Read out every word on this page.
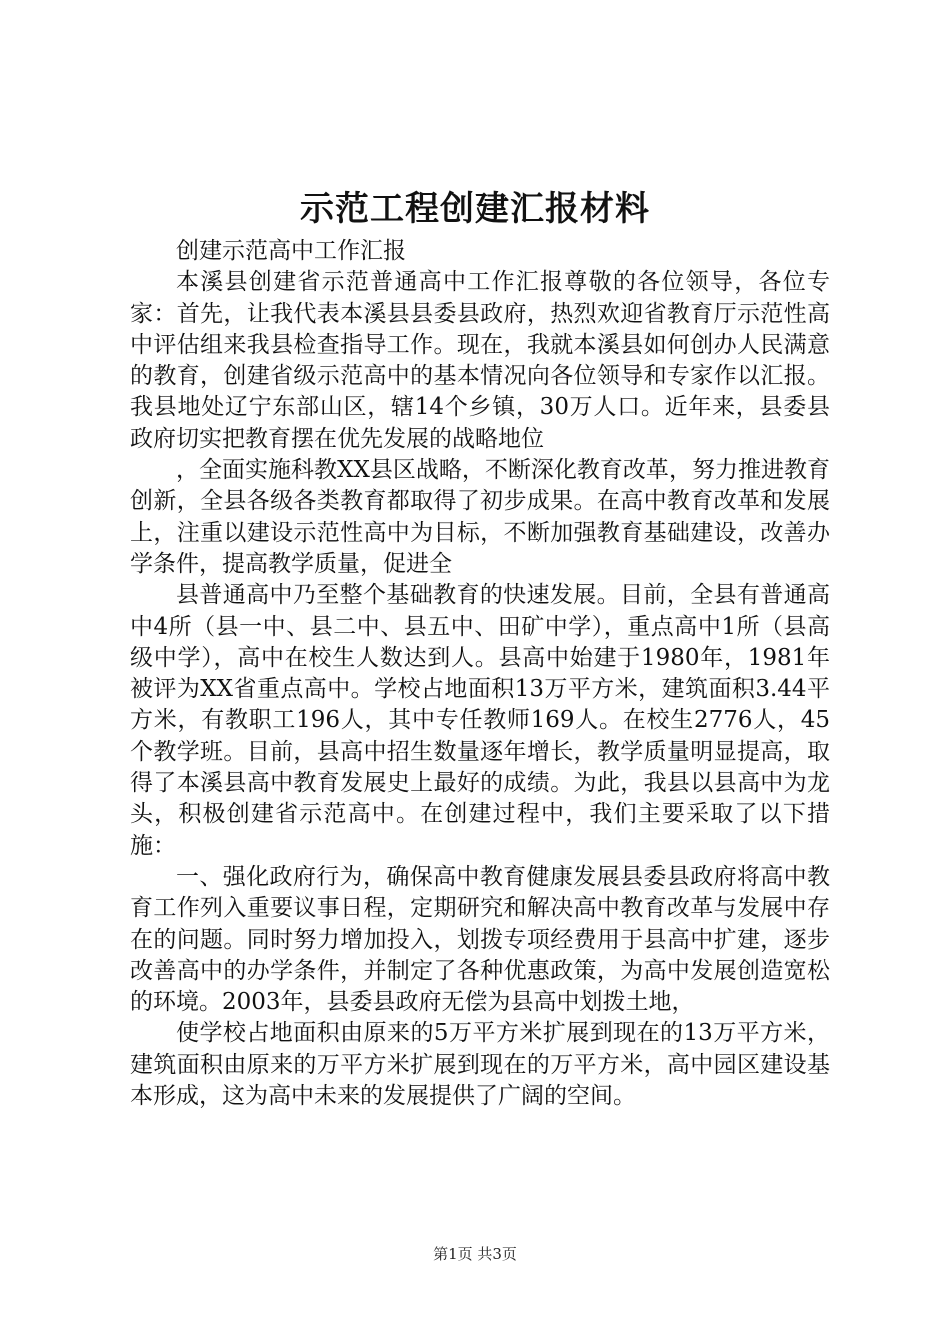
示范工程创建汇报材料

创建示范高中工作汇报

本溪县创建省示范普通高中工作汇报尊敬的各位领导，各位专家：首先，让我代表本溪县县委县政府，热烈欢迎省教育厅示范性高中评估组来我县检查指导工作。现在，我就本溪县如何创办人民满意的教育，创建省级示范高中的基本情况向各位领导和专家作以汇报。我县地处辽宁东部山区，辖14个乡镇，30万人口。近年来，县委县政府切实把教育摆在优先发展的战略地位

，全面实施科教XX县区战略，不断深化教育改革，努力推进教育创新，全县各级各类教育都取得了初步成果。在高中教育改革和发展上，注重以建设示范性高中为目标，不断加强教育基础建设，改善办学条件，提高教学质量，促进全

县普通高中乃至整个基础教育的快速发展。目前，全县有普通高中4所（县一中、县二中、县五中、田矿中学），重点高中1所（县高级中学），高中在校生人数达到人。县高中始建于1980年，1981年被评为XX省重点高中。学校占地面积13万平方米，建筑面积3.44平方米，有教职工196人，其中专任教师169人。在校生2776人，45个教学班。目前，县高中招生数量逐年增长，教学质量明显提高，取得了本溪县高中教育发展史上最好的成绩。为此，我县以县高中为龙头，积极创建省示范高中。在创建过程中，我们主要采取了以下措施：

一、强化政府行为，确保高中教育健康发展县委县政府将高中教育工作列入重要议事日程，定期研究和解决高中教育改革与发展中存在的问题。同时努力增加投入，划拨专项经费用于县高中扩建，逐步改善高中的办学条件，并制定了各种优惠政策，为高中发展创造宽松的环境。2003年，县委县政府无偿为县高中划拨土地，

使学校占地面积由原来的5万平方米扩展到现在的13万平方米，建筑面积由原来的万平方米扩展到现在的万平方米，高中园区建设基本形成，这为高中未来的发展提供了广阔的空间。

第1页 共3页
